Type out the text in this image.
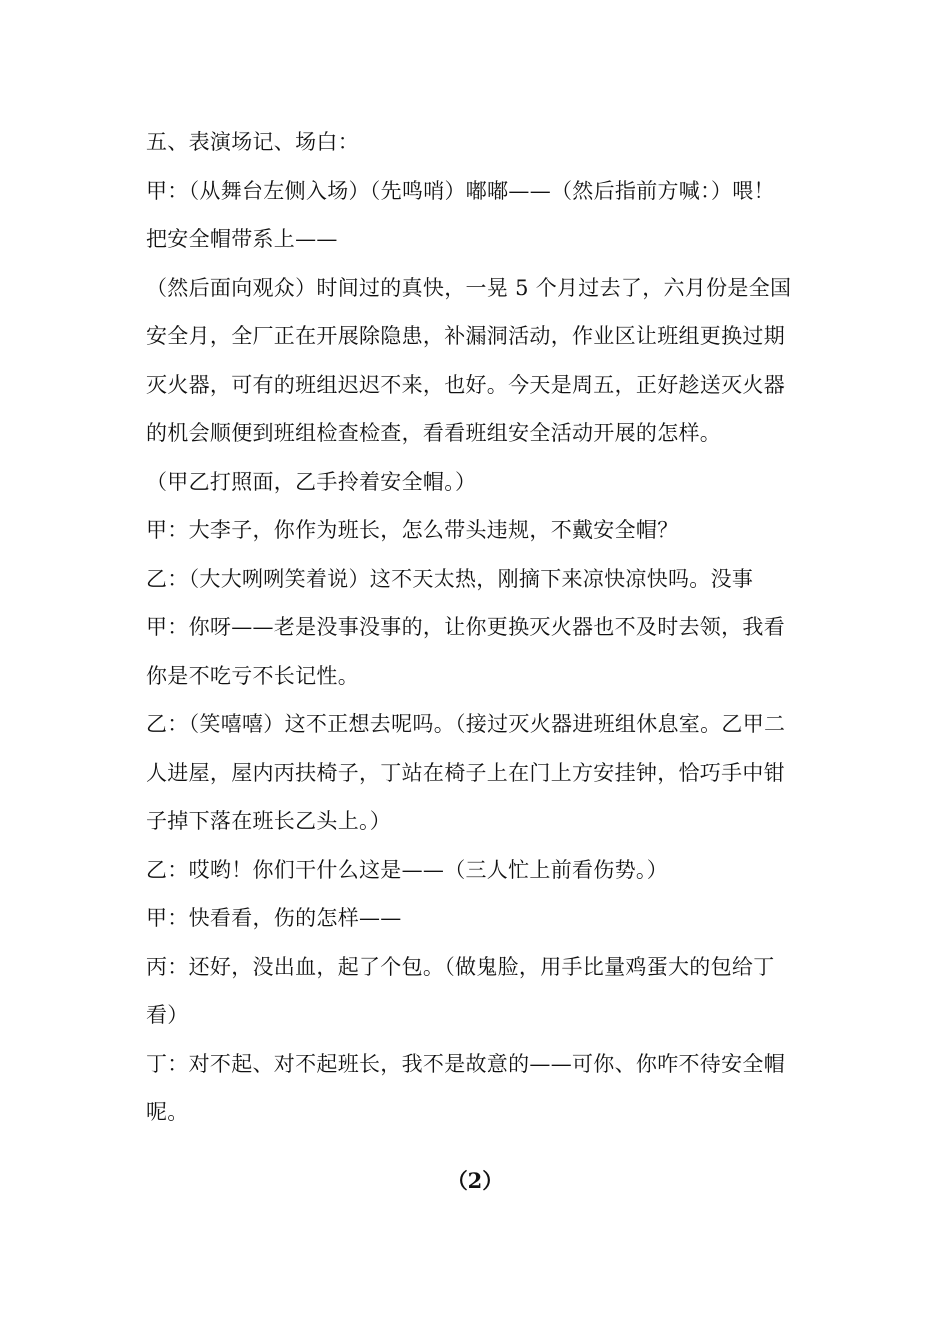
五、表演场记、场白：
甲：（从舞台左侧入场）（先鸣哨）嘟嘟——（然后指前方喊：）喂！
把安全帽带系上——
（然后面向观众）时间过的真快，一晃 5 个月过去了，六月份是全国
安全月，全厂正在开展除隐患，补漏洞活动，作业区让班组更换过期
灭火器，可有的班组迟迟不来，也好。今天是周五，正好趁送灭火器
的机会顺便到班组检查检查，看看班组安全活动开展的怎样。
（甲乙打照面，乙手拎着安全帽。）
甲：大李子，你作为班长，怎么带头违规，不戴安全帽？
乙：（大大咧咧笑着说）这不天太热，刚摘下来凉快凉快吗。没事
甲：你呀——老是没事没事的，让你更换灭火器也不及时去领，我看
你是不吃亏不长记性。
乙：（笑嘻嘻）这不正想去呢吗。（接过灭火器进班组休息室。乙甲二
人进屋，屋内丙扶椅子，丁站在椅子上在门上方安挂钟，恰巧手中钳
子掉下落在班长乙头上。）
乙：哎哟！你们干什么这是——（三人忙上前看伤势。）
甲：快看看，伤的怎样——
丙：还好，没出血，起了个包。（做鬼脸，用手比量鸡蛋大的包给丁
看）
丁：对不起、对不起班长，我不是故意的——可你、你咋不待安全帽
呢。
（2）
